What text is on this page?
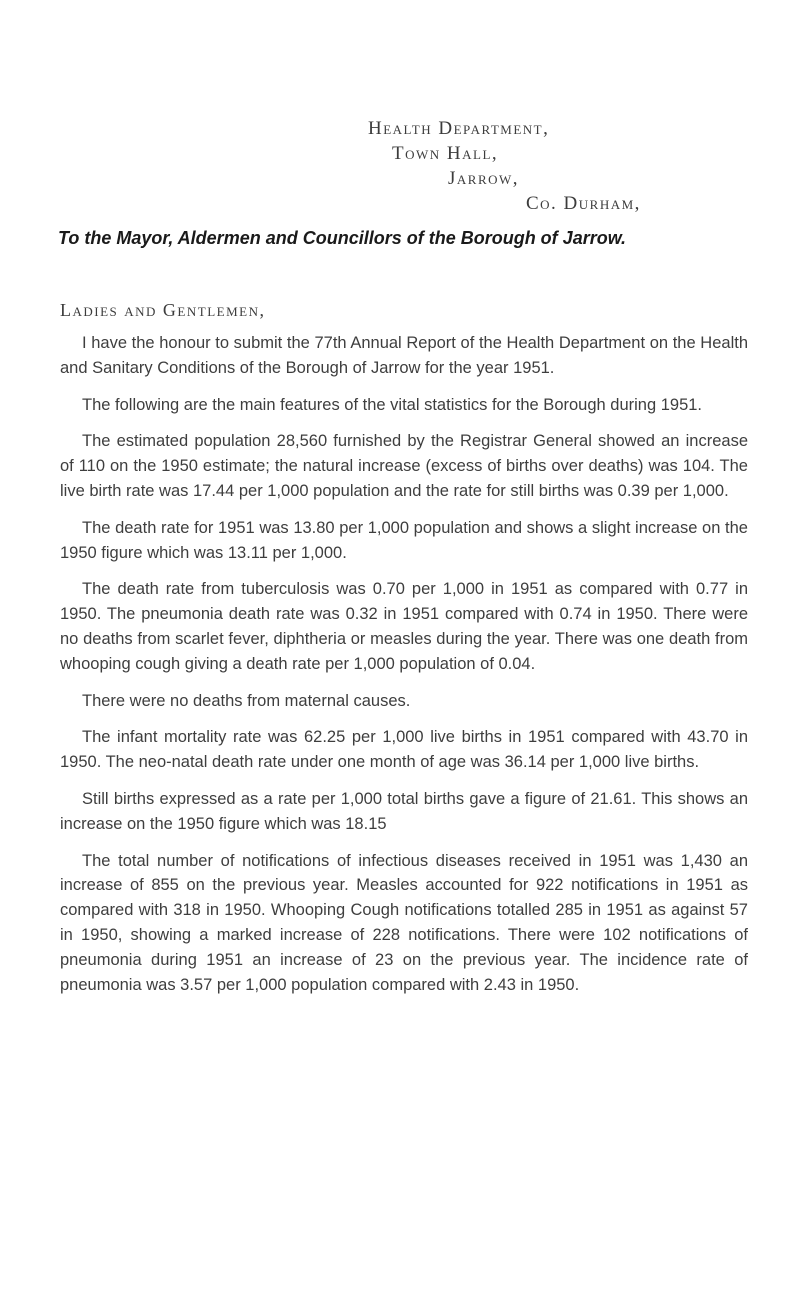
Health Department,

Town Hall,

Jarrow,

Co. Durham,

To the Mayor, Aldermen and Councillors of the Borough of Jarrow.

Ladies and Gentlemen,

I have the honour to submit the 77th Annual Report of the Health Department on the Health and Sanitary Conditions of the Borough of Jarrow for the year 1951.

The following are the main features of the vital statistics for the Borough during 1951.

The estimated population 28,560 furnished by the Registrar General showed an increase of 110 on the 1950 estimate; the natural increase (excess of births over deaths) was 104. The live birth rate was 17.44 per 1,000 population and the rate for still births was 0.39 per 1,000.

The death rate for 1951 was 13.80 per 1,000 population and shows a slight increase on the 1950 figure which was 13.11 per 1,000.

The death rate from tuberculosis was 0.70 per 1,000 in 1951 as compared with 0.77 in 1950. The pneumonia death rate was 0.32 in 1951 compared with 0.74 in 1950. There were no deaths from scarlet fever, diphtheria or measles during the year. There was one death from whooping cough giving a death rate per 1,000 population of 0.04.

There were no deaths from maternal causes.

The infant mortality rate was 62.25 per 1,000 live births in 1951 compared with 43.70 in 1950. The neo-natal death rate under one month of age was 36.14 per 1,000 live births.

Still births expressed as a rate per 1,000 total births gave a figure of 21.61. This shows an increase on the 1950 figure which was 18.15

The total number of notifications of infectious diseases received in 1951 was 1,430 an increase of 855 on the previous year. Measles accounted for 922 notifications in 1951 as compared with 318 in 1950. Whooping Cough notifications totalled 285 in 1951 as against 57 in 1950, showing a marked increase of 228 notifications. There were 102 notifications of pneumonia during 1951 an increase of 23 on the previous year. The incidence rate of pneumonia was 3.57 per 1,000 population compared with 2.43 in 1950.
